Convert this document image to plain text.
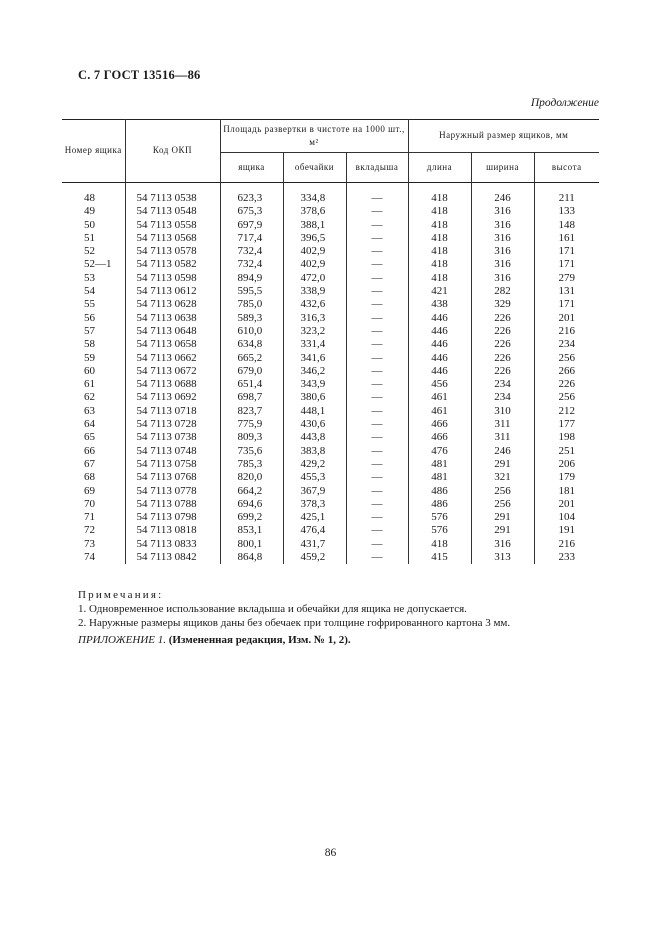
С. 7 ГОСТ 13516—86
Продолжение
Номер ящика	Код ОКП	Площадь развертки в чистоте на 1000 шт., м²			Наружный размер ящиков, мм		
		ящика	обечайки	вкладыша	длина	ширина	высота
48	54 7113 0538	623,3	334,8	—	418	246	211
49	54 7113 0548	675,3	378,6	—	418	316	133
50	54 7113 0558	697,9	388,1	—	418	316	148
51	54 7113 0568	717,4	396,5	—	418	316	161
52	54 7113 0578	732,4	402,9	—	418	316	171
52—1	54 7113 0582	732,4	402,9	—	418	316	171
53	54 7113 0598	894,9	472,0	—	418	316	279
54	54 7113 0612	595,5	338,9	—	421	282	131
55	54 7113 0628	785,0	432,6	—	438	329	171
56	54 7113 0638	589,3	316,3	—	446	226	201
57	54 7113 0648	610,0	323,2	—	446	226	216
58	54 7113 0658	634,8	331,4	—	446	226	234
59	54 7113 0662	665,2	341,6	—	446	226	256
60	54 7113 0672	679,0	346,2	—	446	226	266
61	54 7113 0688	651,4	343,9	—	456	234	226
62	54 7113 0692	698,7	380,6	—	461	234	256
63	54 7113 0718	823,7	448,1	—	461	310	212
64	54 7113 0728	775,9	430,6	—	466	311	177
65	54 7113 0738	809,3	443,8	—	466	311	198
66	54 7113 0748	735,6	383,8	—	476	246	251
67	54 7113 0758	785,3	429,2	—	481	291	206
68	54 7113 0768	820,0	455,3	—	481	321	179
69	54 7113 0778	664,2	367,9	—	486	256	181
70	54 7113 0788	694,6	378,3	—	486	256	201
71	54 7113 0798	699,2	425,1	—	576	291	104
72	54 7113 0818	853,1	476,4	—	576	291	191
73	54 7113 0833	800,1	431,7	—	418	316	216
74	54 7113 0842	864,8	459,2	—	415	313	233
Примечания:
1. Одновременное использование вкладыша и обечайки для ящика не допускается.
2. Наружные размеры ящиков даны без обечаек при толщине гофрированного картона 3 мм.
ПРИЛОЖЕНИЕ 1. (Измененная редакция, Изм. № 1, 2).
86
